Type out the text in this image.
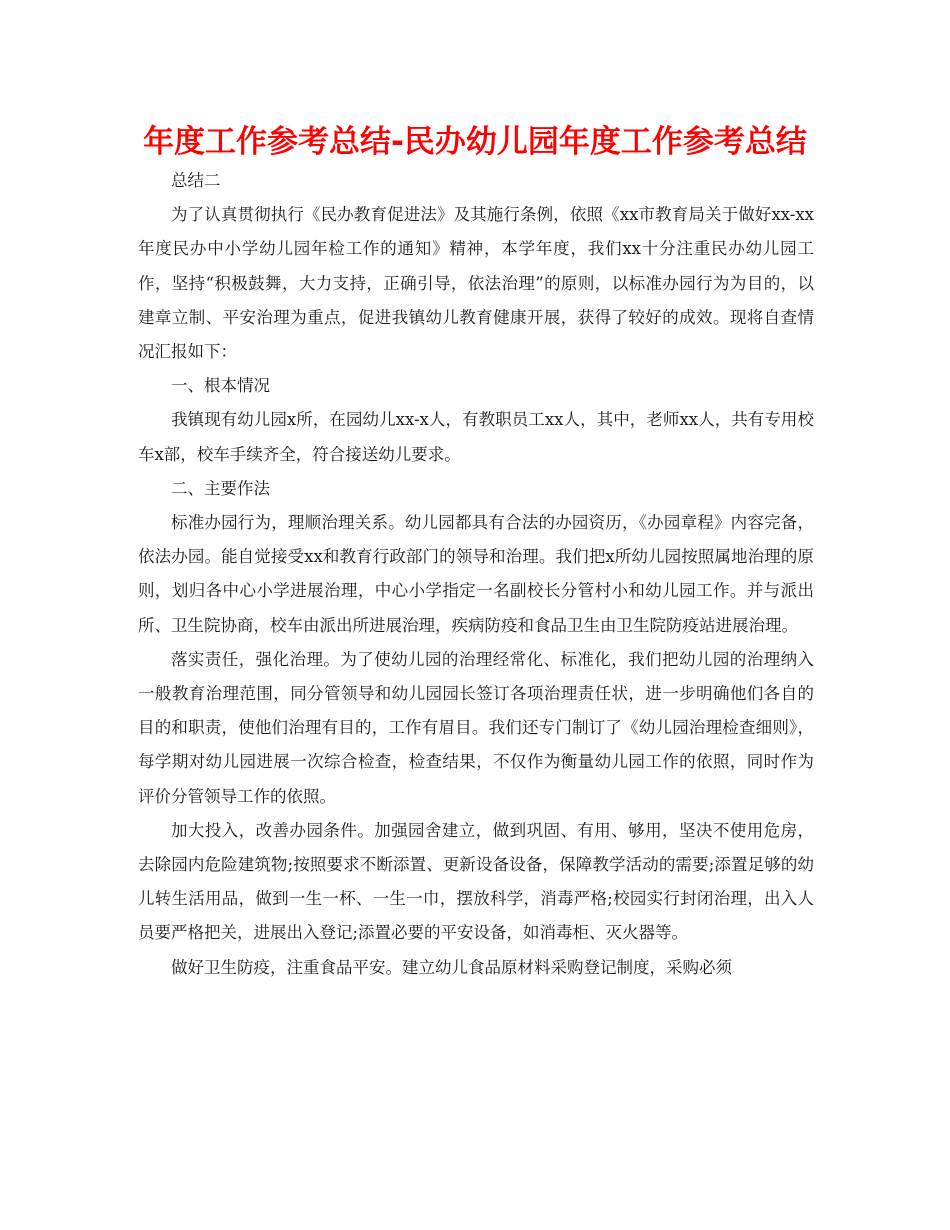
年度工作参考总结-民办幼儿园年度工作参考总结

总结二

为了认真贯彻执行《民办教育促进法》及其施行条例，依照《xx市教育局关于做好xx-xx年度民办中小学幼儿园年检工作的通知》精神，本学年度，我们xx十分注重民办幼儿园工作，坚持“积极鼓舞，大力支持，正确引导，依法治理”的原则，以标准办园行为为目的，以建章立制、平安治理为重点，促进我镇幼儿教育健康开展，获得了较好的成效。现将自查情况汇报如下：

一、根本情况

我镇现有幼儿园x所，在园幼儿xx-x人，有教职员工xx人，其中，老师xx人，共有专用校车x部，校车手续齐全，符合接送幼儿要求。

二、主要作法

标准办园行为，理顺治理关系。幼儿园都具有合法的办园资历，《办园章程》内容完备，依法办园。能自觉接受xx和教育行政部门的领导和治理。我们把x所幼儿园按照属地治理的原则，划归各中心小学进展治理，中心小学指定一名副校长分管村小和幼儿园工作。并与派出所、卫生院协商，校车由派出所进展治理，疾病防疫和食品卫生由卫生院防疫站进展治理。

落实责任，强化治理。为了使幼儿园的治理经常化、标准化，我们把幼儿园的治理纳入一般教育治理范围，同分管领导和幼儿园园长签订各项治理责任状，进一步明确他们各自的目的和职责，使他们治理有目的，工作有眉目。我们还专门制订了《幼儿园治理检查细则》，每学期对幼儿园进展一次综合检查，检查结果，不仅作为衡量幼儿园工作的依照，同时作为评价分管领导工作的依照。

加大投入，改善办园条件。加强园舍建立，做到巩固、有用、够用，坚决不使用危房，去除园内危险建筑物;按照要求不断添置、更新设备设备，保障教学活动的需要;添置足够的幼儿转生活用品，做到一生一杯、一生一巾，摆放科学，消毒严格;校园实行封闭治理，出入人员要严格把关，进展出入登记;添置必要的平安设备，如消毒柜、灭火器等。

做好卫生防疫，注重食品平安。建立幼儿食品原材料采购登记制度，采购必须
